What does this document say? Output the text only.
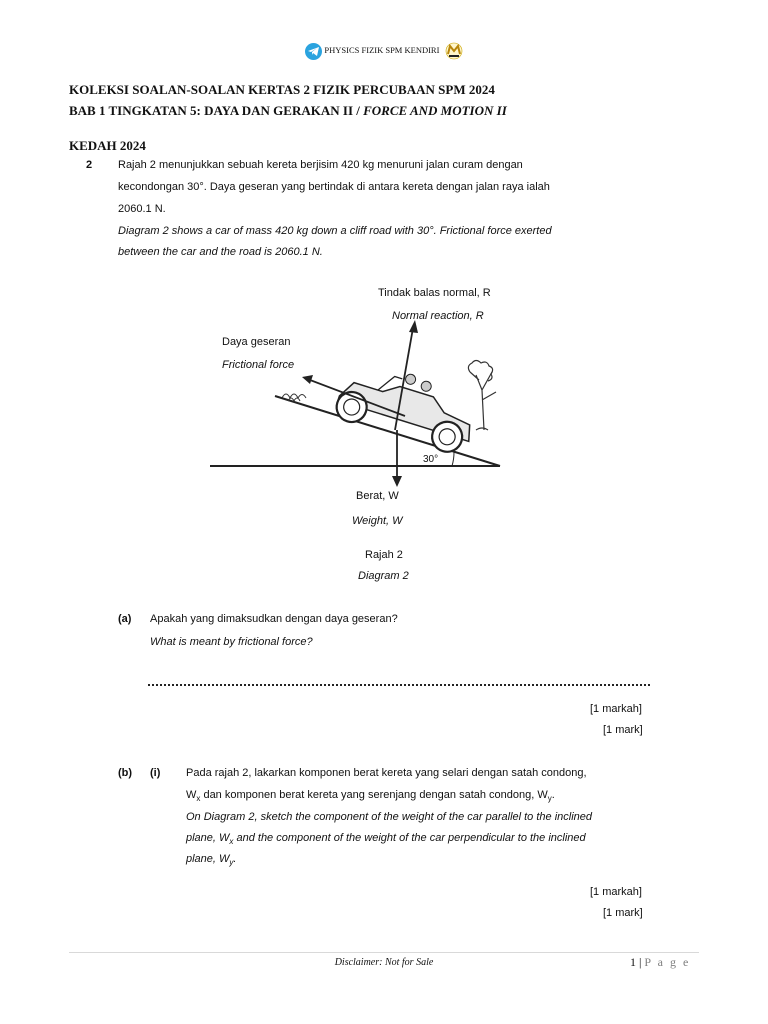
PHYSICS FIZIK SPM KENDIRI
KOLEKSI SOALAN-SOALAN KERTAS 2 FIZIK PERCUBAAN SPM 2024
BAB 1 TINGKATAN 5: DAYA DAN GERAKAN II / FORCE AND MOTION II
KEDAH 2024
2 Rajah 2 menunjukkan sebuah kereta berjisim 420 kg menuruni jalan curam dengan
kecondongan 30°. Daya geseran yang bertindak di antara kereta dengan jalan raya ialah
2060.1 N.
Diagram 2 shows a car of mass 420 kg down a cliff road with 30°. Frictional force exerted
between the car and the road is 2060.1 N.
Tindak balas normal, R
Normal reaction, R
Daya geseran
Frictional force
30°
Berat, W
Weight, W
Rajah 2
Diagram 2
(a) Apakah yang dimaksudkan dengan daya geseran?
What is meant by frictional force?
[1 markah]
[1 mark]
(b) (i) Pada rajah 2, lakarkan komponen berat kereta yang selari dengan satah condong,
$W_x$ dan komponen berat kereta yang serenjang dengan satah condong, $W_y$.
On Diagram 2, sketch the component of the weight of the car parallel to the inclined
plane, $W_x$ and the component of the weight of the car perpendicular to the inclined
plane, $W_y$.
[1 markah]
[1 mark]
Disclaimer: Not for Sale	1 | P a g e
